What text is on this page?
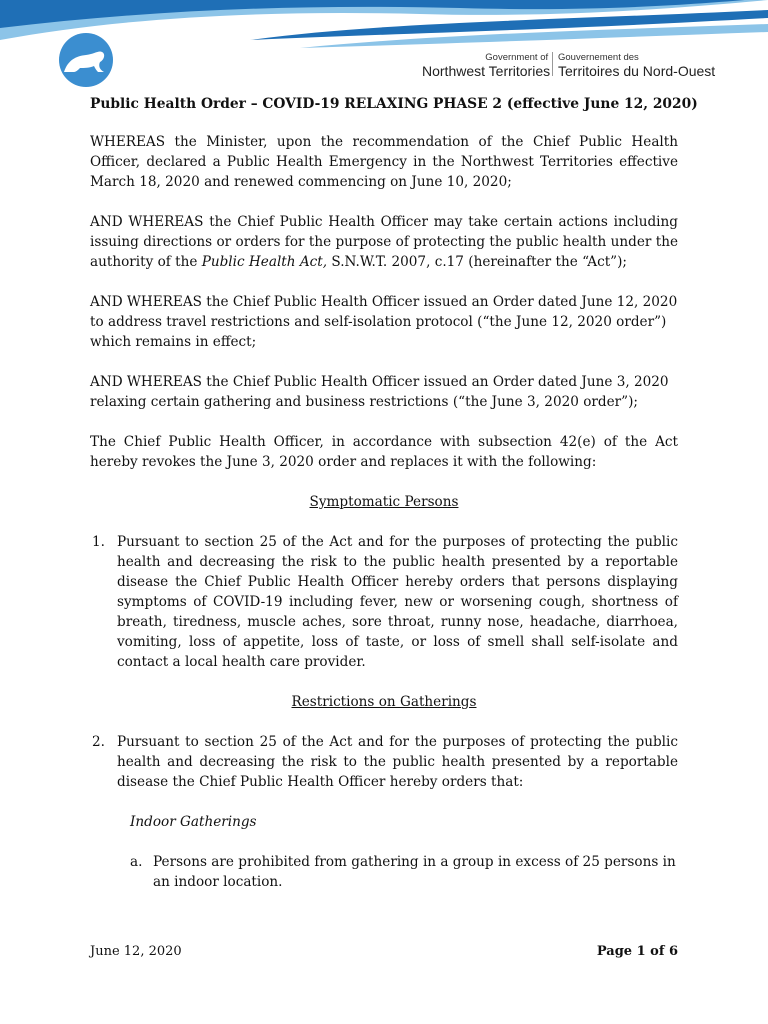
Government of
Northwest Territories
Gouvernement des
Territoires du Nord-Ouest
Public Health Order – COVID-19 RELAXING PHASE 2 (effective June 12, 2020)

WHEREAS the Minister, upon the recommendation of the Chief Public Health Officer, declared a Public Health Emergency in the Northwest Territories effective March 18, 2020 and renewed commencing on June 10, 2020;

AND WHEREAS the Chief Public Health Officer may take certain actions including issuing directions or orders for the purpose of protecting the public health under the authority of the Public Health Act, S.N.W.T. 2007, c.17 (hereinafter the “Act”);

AND WHEREAS the Chief Public Health Officer issued an Order dated June 12, 2020 to address travel restrictions and self-isolation protocol (“the June 12, 2020 order”) which remains in effect;

AND WHEREAS the Chief Public Health Officer issued an Order dated June 3, 2020 relaxing certain gathering and business restrictions (“the June 3, 2020 order”);

The Chief Public Health Officer, in accordance with subsection 42(e) of the Act hereby revokes the June 3, 2020 order and replaces it with the following:

Symptomatic Persons
1. Pursuant to section 25 of the Act and for the purposes of protecting the public health and decreasing the risk to the public health presented by a reportable disease the Chief Public Health Officer hereby orders that persons displaying symptoms of COVID-19 including fever, new or worsening cough, shortness of breath, tiredness, muscle aches, sore throat, runny nose, headache, diarrhoea, vomiting, loss of appetite, loss of taste, or loss of smell shall self-isolate and contact a local health care provider.
Restrictions on Gatherings
2. Pursuant to section 25 of the Act and for the purposes of protecting the public health and decreasing the risk to the public health presented by a reportable disease the Chief Public Health Officer hereby orders that:
Indoor Gatherings
a. Persons are prohibited from gathering in a group in excess of 25 persons in an indoor location.
June 12, 2020	Page 1 of 6
